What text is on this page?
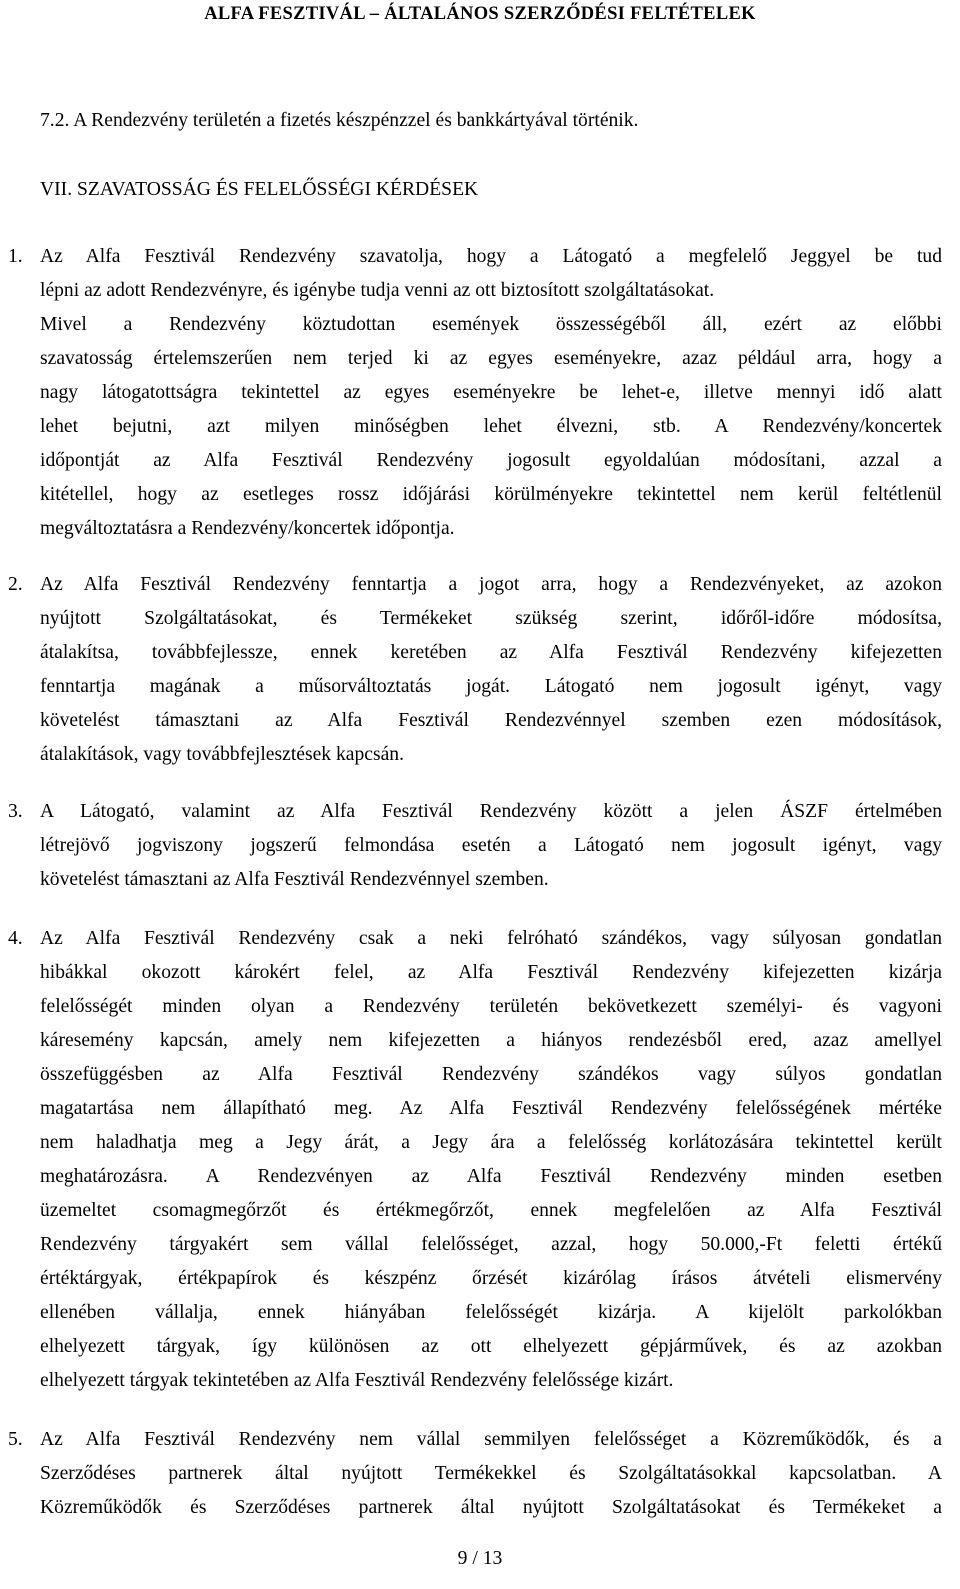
ALFA FESZTIVÁL – ÁLTALÁNOS SZERZŐDÉSI FELTÉTELEK
7.2. A Rendezvény területén a fizetés készpénzzel és bankkártyával történik.
VII. SZAVATOSSÁG ÉS FELELŐSSÉGI KÉRDÉSEK
1. Az Alfa Fesztivál Rendezvény szavatolja, hogy a Látogató a megfelelő Jeggyel be tud
lépni az adott Rendezvényre, és igénybe tudja venni az ott biztosított szolgáltatásokat.
Mivel a Rendezvény köztudottan események összességéből áll, ezért az előbbi
szavatosság értelemszerűen nem terjed ki az egyes eseményekre, azaz például arra, hogy a
nagy látogatottságra tekintettel az egyes eseményekre be lehet-e, illetve mennyi idő alatt
lehet bejutni, azt milyen minőségben lehet élvezni, stb. A Rendezvény/koncertek
időpontját az Alfa Fesztivál Rendezvény jogosult egyoldalúan módosítani, azzal a
kitétellel, hogy az esetleges rossz időjárási körülményekre tekintettel nem kerül feltétlenül
megváltoztatásra a Rendezvény/koncertek időpontja.
2. Az Alfa Fesztivál Rendezvény fenntartja a jogot arra, hogy a Rendezvényeket, az azokon
nyújtott Szolgáltatásokat, és Termékeket szükség szerint, időről-időre módosítsa,
átalakítsa, továbbfejlessze, ennek keretében az Alfa Fesztivál Rendezvény kifejezetten
fenntartja magának a műsorváltoztatás jogát. Látogató nem jogosult igényt, vagy
követelést támasztani az Alfa Fesztivál Rendezvénnyel szemben ezen módosítások,
átalakítások, vagy továbbfejlesztések kapcsán.
3. A Látogató, valamint az Alfa Fesztivál Rendezvény között a jelen ÁSZF értelmében
létrejövő jogviszony jogszerű felmondása esetén a Látogató nem jogosult igényt, vagy
követelést támasztani az Alfa Fesztivál Rendezvénnyel szemben.
4. Az Alfa Fesztivál Rendezvény csak a neki felróható szándékos, vagy súlyosan gondatlan
hibákkal okozott károkért felel, az Alfa Fesztivál Rendezvény kifejezetten kizárja
felelősségét minden olyan a Rendezvény területén bekövetkezett személyi- és vagyoni
káresemény kapcsán, amely nem kifejezetten a hiányos rendezésből ered, azaz amellyel
összefüggésben az Alfa Fesztivál Rendezvény szándékos vagy súlyos gondatlan
magatartása nem állapítható meg. Az Alfa Fesztivál Rendezvény felelősségének mértéke
nem haladhatja meg a Jegy árát, a Jegy ára a felelősség korlátozására tekintettel került
meghatározásra. A Rendezvényen az Alfa Fesztivál Rendezvény minden esetben
üzemeltet csomagmegőrzőt és értékmegőrzőt, ennek megfelelően az Alfa Fesztivál
Rendezvény tárgyakért sem vállal felelősséget, azzal, hogy 50.000,-Ft feletti értékű
értéktárgyak, értékpapírok és készpénz őrzését kizárólag írásos átvételi elismervény
ellenében vállalja, ennek hiányában felelősségét kizárja. A kijelölt parkolókban
elhelyezett tárgyak, így különösen az ott elhelyezett gépjárművek, és az azokban
elhelyezett tárgyak tekintetében az Alfa Fesztivál Rendezvény felelőssége kizárt.
5. Az Alfa Fesztivál Rendezvény nem vállal semmilyen felelősséget a Közreműködők, és a
Szerződéses partnerek által nyújtott Termékekkel és Szolgáltatásokkal kapcsolatban. A
Közreműködők és Szerződéses partnerek által nyújtott Szolgáltatásokat és Termékeket a
9 / 13
